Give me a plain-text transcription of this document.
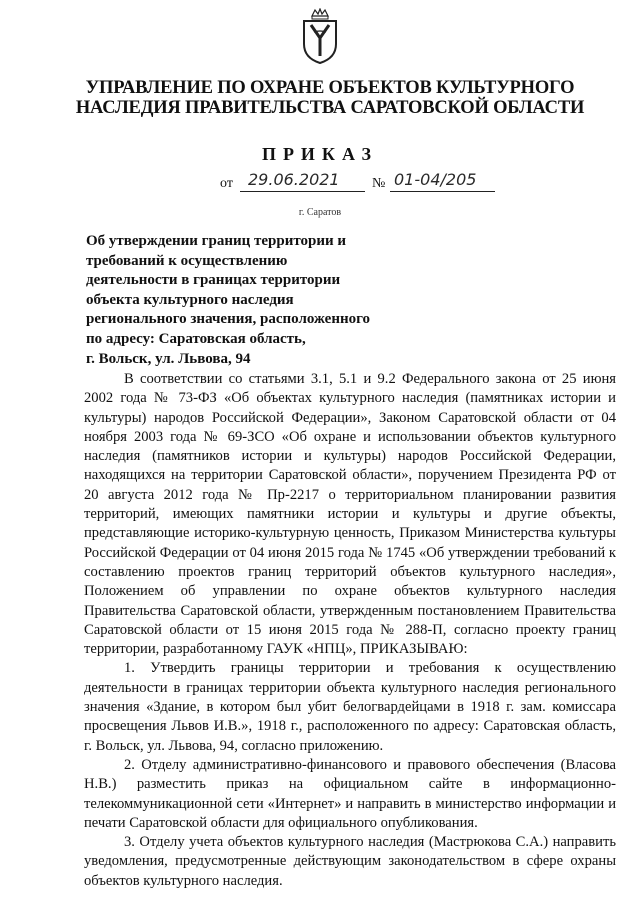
УПРАВЛЕНИЕ ПО ОХРАНЕ ОБЪЕКТОВ КУЛЬТУРНОГО
НАСЛЕДИЯ ПРАВИТЕЛЬСТВА САРАТОВСКОЙ ОБЛАСТИ
ПРИКАЗ
от 29.06.2021 № 01-04/205
г. Саратов
Об утверждении границ территории и
требований к осуществлению
деятельности в границах территории
объекта культурного наследия
регионального значения, расположенного
по адресу: Саратовская область,
г. Вольск, ул. Львова, 94

В соответствии со статьями 3.1, 5.1 и 9.2 Федерального закона от 25 июня 2002 года № 73-ФЗ «Об объектах культурного наследия (памятниках истории и культуры) народов Российской Федерации», Законом Саратовской области от 04 ноября 2003 года № 69-ЗСО «Об охране и использовании объектов культурного наследия (памятников истории и культуры) народов Российской Федерации, находящихся на территории Саратовской области», поручением Президента РФ от 20 августа 2012 года № Пр-2217 о территориальном планировании развития территорий, имеющих памятники истории и культуры и другие объекты, представляющие историко-культурную ценность, Приказом Министерства культуры Российской Федерации от 04 июня 2015 года № 1745 «Об утверждении требований к составлению проектов границ территорий объектов культурного наследия», Положением об управлении по охране объектов культурного наследия Правительства Саратовской области, утвержденным постановлением Правительства Саратовской области от 15 июня 2015 года № 288-П, согласно проекту границ территории, разработанному ГАУК «НПЦ», ПРИКАЗЫВАЮ:

1. Утвердить границы территории и требования к осуществлению деятельности в границах территории объекта культурного наследия регионального значения «Здание, в котором был убит белогвардейцами в 1918 г. зам. комиссара просвещения Львов И.В.», 1918 г., расположенного по адресу: Саратовская область, г. Вольск, ул. Львова, 94, согласно приложению.

2. Отделу административно-финансового и правового обеспечения (Власова Н.В.) разместить приказ на официальном сайте в информационно-телекоммуникационной сети «Интернет» и направить в министерство информации и печати Саратовской области для официального опубликования.

3. Отделу учета объектов культурного наследия (Мастрюкова С.А.) направить уведомления, предусмотренные действующим законодательством в сфере охраны объектов культурного наследия.
